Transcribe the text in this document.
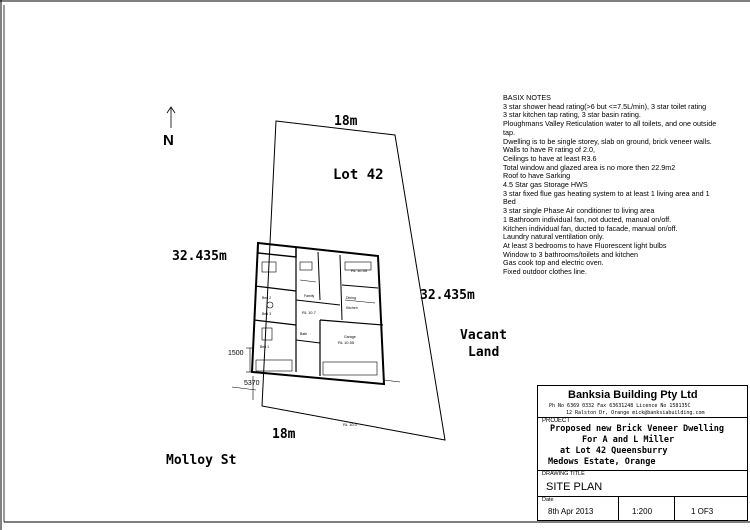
N
18m
Lot 42
32.435m
32.435m
Vacant
Land
18m
Molloy St
1500
5370
Bed 2
Bed 3
Bed 1
Family	Dining
Kitchen
Bath
Garage
RL 10.55
RL 10.7
RL 10.55
RL 10.0
BASIX NOTES
3 star shower head rating(>6 but <=7.5L/min), 3 star toilet rating
3 star kitchen tap rating, 3 star basin rating.
Ploughmans Valley Reticulation water to all toilets, and one outside tap.
Dwelling is to be single storey, slab on ground, brick veneer walls.
Walls to have R rating of 2.0,
Ceilings to have at least R3.6
Total window and glazed area is no more then 22.9m2
Roof to have Sarking
4.5 Star gas Storage HWS
3 star fixed flue gas heating system to at least 1 living area and 1 Bed
3 star single Phase Air conditioner to living area
1 Bathroom individual fan, not ducted, manual on/off.
Kitchen individual fan, ducted to facade, manual on/off.
Laundry natural ventilation only.
At least 3 bedrooms to have Fluorescent light bulbs
Window to 3 bathrooms/toilets and kitchen
Gas cook top and electric oven.
Fixed outdoor clothes line.
Banksia Building Pty Ltd
Ph No 6369 0332 Fax 63631248 Licence No 158135C
12 Ralston Dr, Orange mick@banksiabuilding.com
PROJECT
Proposed new Brick Veneer Dwelling
For A and L Miller
at Lot 42 Queensburry
Medows Estate, Orange
DRAWING TITLE
SITE PLAN
Date
8th Apr 2013	1:200	1 OF3
